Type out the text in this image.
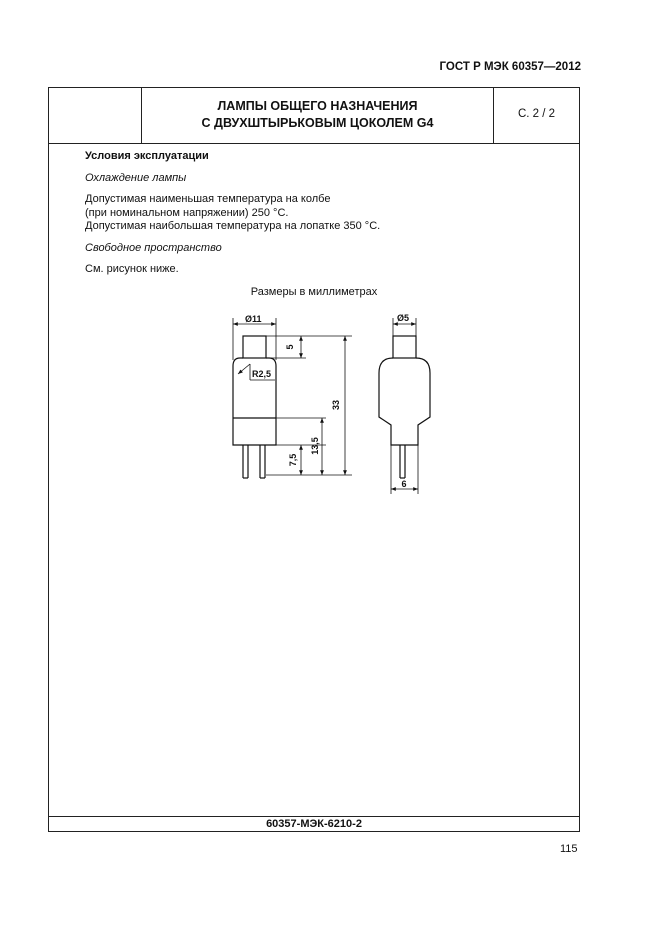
ГОСТ Р МЭК 60357—2012
ЛАМПЫ ОБЩЕГО НАЗНАЧЕНИЯ
С ДВУХШТЫРЬКОВЫМ ЦОКОЛЕМ G4
С. 2 / 2
Условия эксплуатации
Охлаждение лампы
Допустимая наименьшая температура на колбе
(при номинальном напряжении) 250 °С.
Допустимая наибольшая температура на лопатке 350 °С.
Свободное пространство
См. рисунок ниже.
Размеры в миллиметрах
60357-МЭК-6210-2
115
Ø11
5
R2,5
33
13,5
7,5
Ø5
6
